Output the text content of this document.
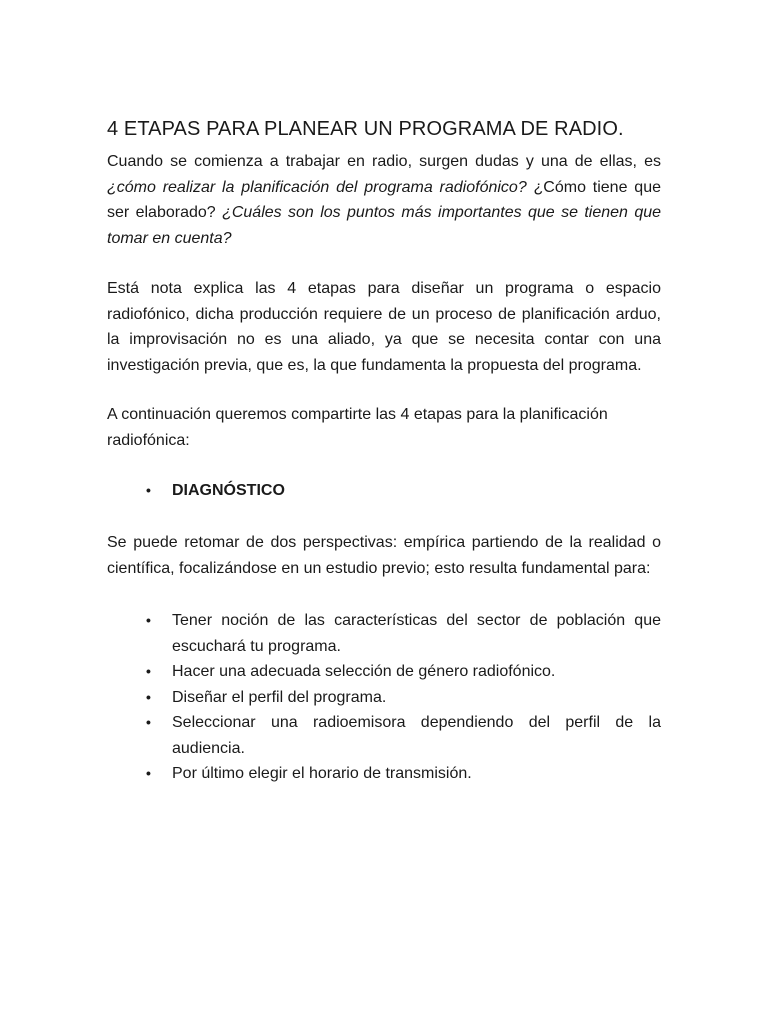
4 ETAPAS PARA PLANEAR UN PROGRAMA DE RADIO.

Cuando se comienza a trabajar en radio, surgen dudas y una de ellas, es ¿cómo realizar la planificación del programa radiofónico? ¿Cómo tiene que ser elaborado? ¿Cuáles son los puntos más importantes que se tienen que tomar en cuenta?

Está nota explica las 4 etapas para diseñar un programa o espacio radiofónico, dicha producción requiere de un proceso de planificación arduo, la improvisación no es una aliado, ya que se necesita contar con una investigación previa, que es, la que fundamenta la propuesta del programa.

A continuación queremos compartirte las 4 etapas para la planificación radiofónica:

• DIAGNÓSTICO

Se puede retomar de dos perspectivas: empírica partiendo de la realidad o científica, focalizándose en un estudio previo; esto resulta fundamental para:

• Tener noción de las características del sector de población que escuchará tu programa.
• Hacer una adecuada selección de género radiofónico.
• Diseñar el perfil del programa.
• Seleccionar una radioemisora dependiendo del perfil de la audiencia.
• Por último elegir el horario de transmisión.
